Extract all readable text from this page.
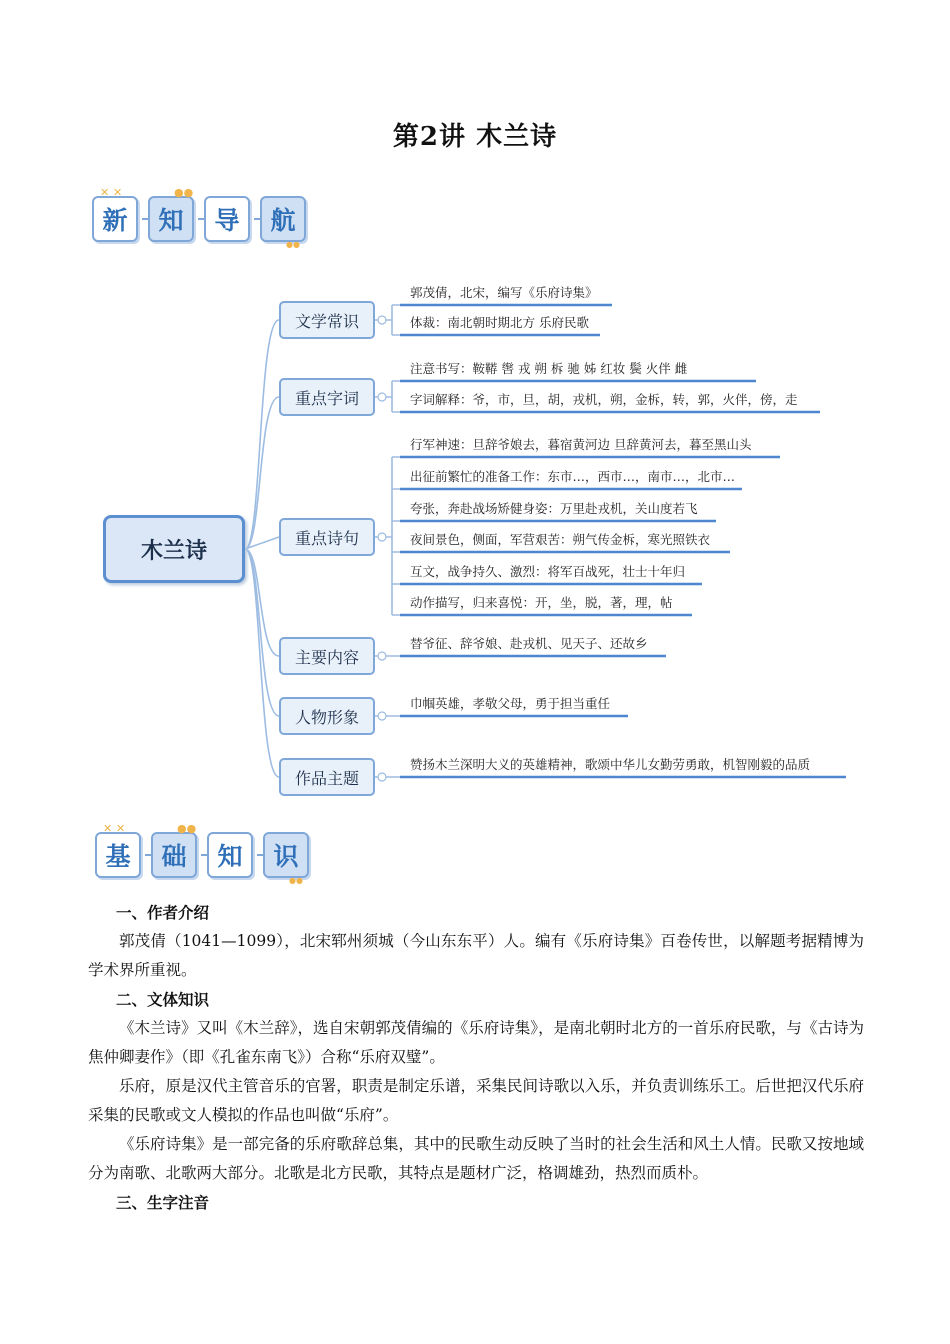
第2讲 木兰诗
✕ ✕
新
●●
知 导 航
●●
木兰诗
文学常识
重点字词
重点诗句
主要内容
人物形象
作品主题
郭茂倩，北宋，编写《乐府诗集》
体裁：南北朝时期北方 乐府民歌
注意书写：鞍鞯 辔 戎 朔 柝 驰 姊 红妆 鬓 火伴 雌
字词解释：爷，市，旦，胡，戎机，朔，金柝，转，郭，火伴，傍，走
行军神速：旦辞爷娘去，暮宿黄河边 旦辞黄河去，暮至黑山头
出征前繁忙的准备工作：东市…，西市…，南市…，北市…
夸张，奔赴战场矫健身姿：万里赴戎机，关山度若飞
夜间景色，侧面，军营艰苦：朔气传金柝，寒光照铁衣
互文，战争持久、激烈：将军百战死，壮士十年归
动作描写，归来喜悦：开，坐，脱，著，理，帖
替爷征、辞爷娘、赴戎机、见天子、还故乡
巾帼英雄，孝敬父母，勇于担当重任
赞扬木兰深明大义的英雄精神，歌颂中华儿女勤劳勇敢，机智刚毅的品质
✕ ✕
基
●●
础 知 识
●●
一、作者介绍

郭茂倩（1041—1099），北宋郓州须城（今山东东平）人。编有《乐府诗集》百卷传世，以解题考据精博为学术界所重视。

二、文体知识

《木兰诗》又叫《木兰辞》，选自宋朝郭茂倩编的《乐府诗集》，是南北朝时北方的一首乐府民歌，与《古诗为焦仲卿妻作》（即《孔雀东南飞》）合称“乐府双璧”。

乐府，原是汉代主管音乐的官署，职责是制定乐谱，采集民间诗歌以入乐，并负责训练乐工。后世把汉代乐府采集的民歌或文人模拟的作品也叫做“乐府”。

《乐府诗集》是一部完备的乐府歌辞总集，其中的民歌生动反映了当时的社会生活和风土人情。民歌又按地域分为南歌、北歌两大部分。北歌是北方民歌，其特点是题材广泛，格调雄劲，热烈而质朴。

三、生字注音
